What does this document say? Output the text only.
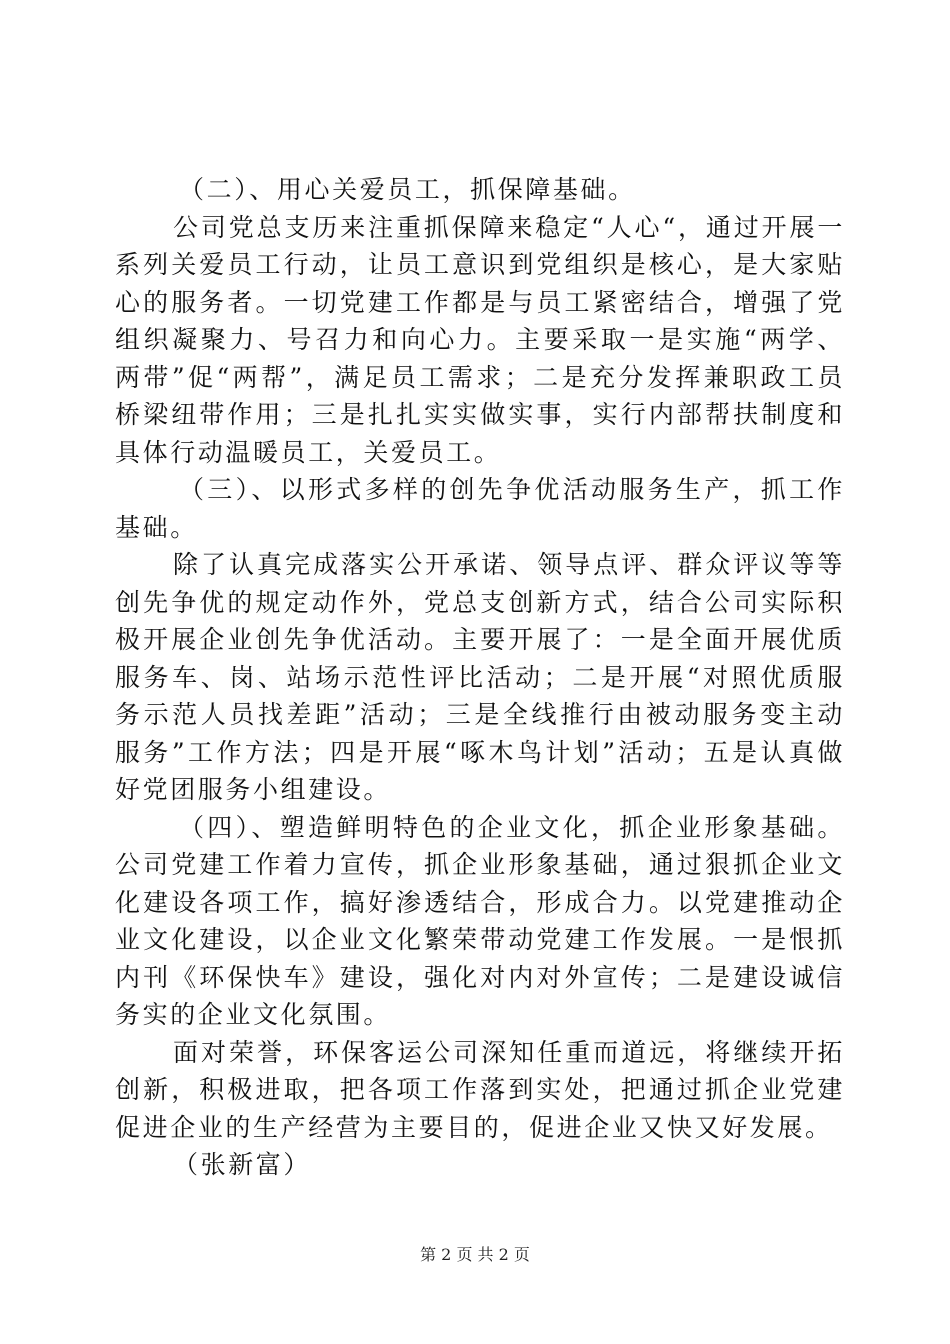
（二）、用心关爱员工，抓保障基础。

公司党总支历来注重抓保障来稳定“人心“，通过开展一系列关爱员工行动，让员工意识到党组织是核心，是大家贴心的服务者。一切党建工作都是与员工紧密结合，增强了党组织凝聚力、号召力和向心力。主要采取一是实施“两学、两带”促“两帮”，满足员工需求；二是充分发挥兼职政工员桥梁纽带作用；三是扎扎实实做实事，实行内部帮扶制度和具体行动温暖员工，关爱员工。

（三）、以形式多样的创先争优活动服务生产，抓工作基础。

除了认真完成落实公开承诺、领导点评、群众评议等等创先争优的规定动作外，党总支创新方式，结合公司实际积极开展企业创先争优活动。主要开展了：一是全面开展优质服务车、岗、站场示范性评比活动；二是开展“对照优质服务示范人员找差距”活动；三是全线推行由被动服务变主动服务”工作方法；四是开展“啄木鸟计划”活动；五是认真做好党团服务小组建设。

（四）、塑造鲜明特色的企业文化，抓企业形象基础。公司党建工作着力宣传，抓企业形象基础，通过狠抓企业文化建设各项工作，搞好渗透结合，形成合力。以党建推动企业文化建设，以企业文化繁荣带动党建工作发展。一是恨抓内刊《环保快车》建设，强化对内对外宣传；二是建设诚信务实的企业文化氛围。

面对荣誉，环保客运公司深知任重而道远，将继续开拓创新，积极进取，把各项工作落到实处，把通过抓企业党建促进企业的生产经营为主要目的，促进企业又快又好发展。

（张新富）

第 2 页 共 2 页
